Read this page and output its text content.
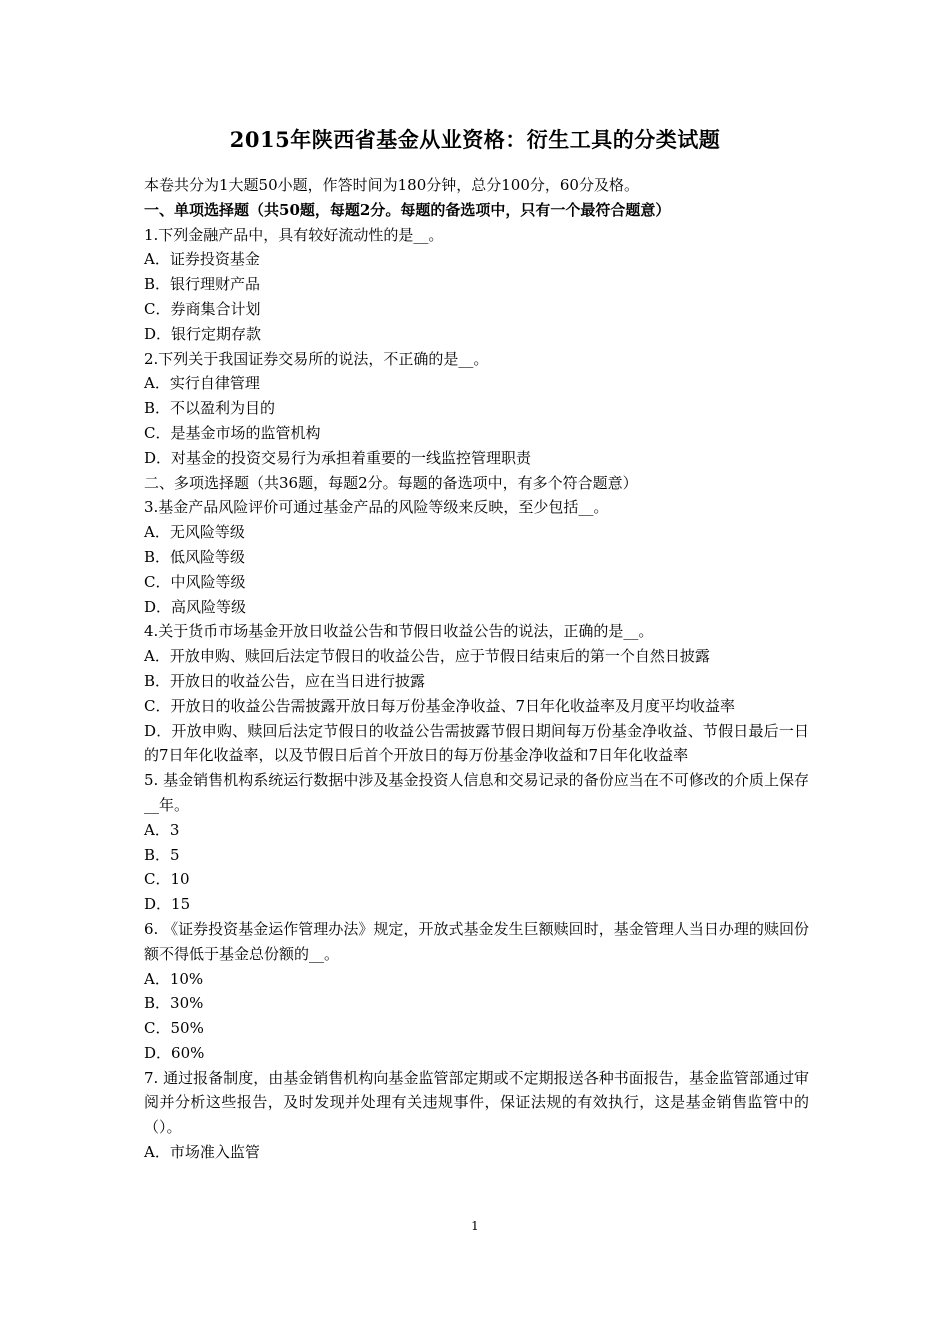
2015年陕西省基金从业资格：衍生工具的分类试题
本卷共分为1大题50小题，作答时间为180分钟，总分100分，60分及格。
一、单项选择题（共50题，每题2分。每题的备选项中，只有一个最符合题意）
1.下列金融产品中，具有较好流动性的是__。
A．证券投资基金
B．银行理财产品
C．券商集合计划
D．银行定期存款
2.下列关于我国证券交易所的说法，不正确的是__。
A．实行自律管理
B．不以盈利为目的
C．是基金市场的监管机构
D．对基金的投资交易行为承担着重要的一线监控管理职责
二、多项选择题（共36题，每题2分。每题的备选项中，有多个符合题意）
3.基金产品风险评价可通过基金产品的风险等级来反映，至少包括__。
A．无风险等级
B．低风险等级
C．中风险等级
D．高风险等级
4.关于货币市场基金开放日收益公告和节假日收益公告的说法，正确的是__。
A．开放申购、赎回后法定节假日的收益公告，应于节假日结束后的第一个自然日披露
B．开放日的收益公告，应在当日进行披露
C．开放日的收益公告需披露开放日每万份基金净收益、7日年化收益率及月度平均收益率
D．开放申购、赎回后法定节假日的收益公告需披露节假日期间每万份基金净收益、节假日最后一日的7日年化收益率，以及节假日后首个开放日的每万份基金净收益和7日年化收益率
5. 基金销售机构系统运行数据中涉及基金投资人信息和交易记录的备份应当在不可修改的介质上保存__年。
A．3
B．5
C．10
D．15
6. 《证券投资基金运作管理办法》规定，开放式基金发生巨额赎回时，基金管理人当日办理的赎回份额不得低于基金总份额的__。
A．10%
B．30%
C．50%
D．60%
7. 通过报备制度，由基金销售机构向基金监管部定期或不定期报送各种书面报告，基金监管部通过审阅并分析这些报告，及时发现并处理有关违规事件，保证法规的有效执行，这是基金销售监管中的（）。
A．市场准入监管
1
